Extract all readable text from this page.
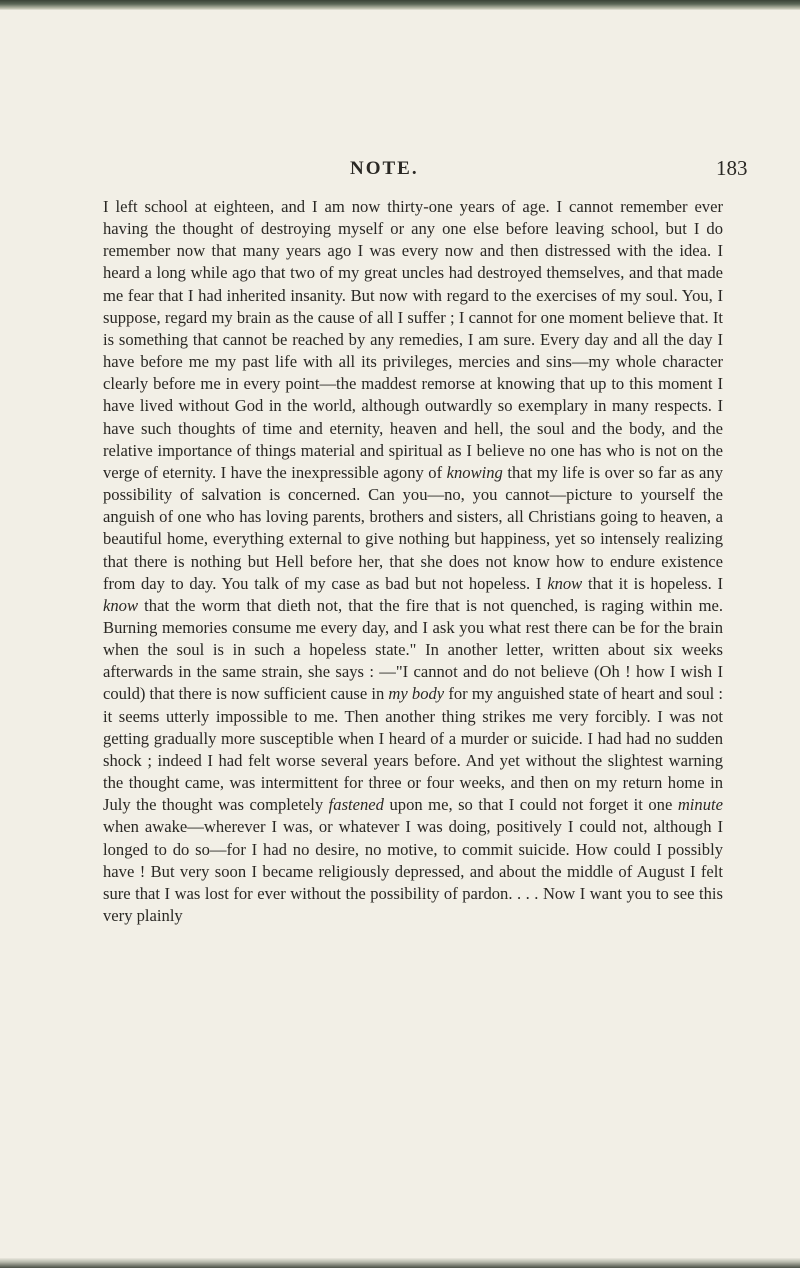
NOTE.	183

I left school at eighteen, and I am now thirty-one years of age. I cannot remember ever having the thought of destroying myself or any one else before leaving school, but I do remember now that many years ago I was every now and then distressed with the idea. I heard a long while ago that two of my great uncles had destroyed themselves, and that made me fear that I had inherited insanity. But now with regard to the exercises of my soul. You, I suppose, regard my brain as the cause of all I suffer ; I cannot for one moment believe that. It is something that cannot be reached by any remedies, I am sure. Every day and all the day I have before me my past life with all its privileges, mercies and sins—my whole character clearly before me in every point—the maddest remorse at knowing that up to this moment I have lived without God in the world, although outwardly so exemplary in many respects. I have such thoughts of time and eternity, heaven and hell, the soul and the body, and the relative importance of things material and spiritual as I believe no one has who is not on the verge of eternity. I have the inexpressible agony of knowing that my life is over so far as any possibility of salvation is concerned. Can you—no, you cannot—picture to yourself the anguish of one who has loving parents, brothers and sisters, all Christians going to heaven, a beautiful home, everything external to give nothing but happiness, yet so intensely realizing that there is nothing but Hell before her, that she does not know how to endure existence from day to day. You talk of my case as bad but not hopeless. I know that it is hopeless. I know that the worm that dieth not, that the fire that is not quenched, is raging within me. Burning memories consume me every day, and I ask you what rest there can be for the brain when the soul is in such a hopeless state." In another letter, written about six weeks afterwards in the same strain, she says : —"I cannot and do not believe (Oh ! how I wish I could) that there is now sufficient cause in my body for my anguished state of heart and soul : it seems utterly impossible to me. Then another thing strikes me very forcibly. I was not getting gradually more susceptible when I heard of a murder or suicide. I had had no sudden shock ; indeed I had felt worse several years before. And yet without the slightest warning the thought came, was intermittent for three or four weeks, and then on my return home in July the thought was completely fastened upon me, so that I could not forget it one minute when awake—wherever I was, or whatever I was doing, positively I could not, although I longed to do so—for I had no desire, no motive, to commit suicide. How could I possibly have ! But very soon I became religiously depressed, and about the middle of August I felt sure that I was lost for ever without the possibility of pardon. . . . Now I want you to see this very plainly
